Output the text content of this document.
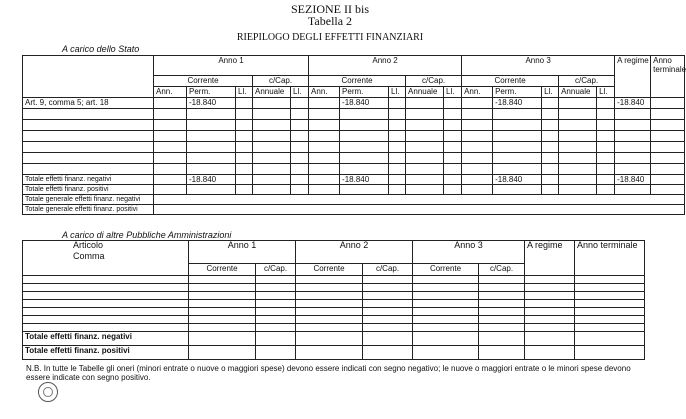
SEZIONE II bis
Tabella 2
RIEPILOGO DEGLI EFFETTI FINANZIARI
A carico dello Stato
	Anno 1					Anno 2					Anno 3					A regime	Anno terminale
	Corrente			c/Cap.		Corrente			c/Cap.		Corrente			c/Cap.			
	Ann.	Perm.	Ll.	Annuale	Ll.	Ann.	Perm.	Ll.	Annuale	Ll.	Ann.	Perm.	Ll.	Annuale	Ll.		
Art. 9, comma 5; art. 18		-18.840					-18.840					-18.840				-18.840	

Totale effetti finanz. negativi		-18.840					-18.840					-18.840				-18.840	
Totale effetti finanz. positivi																	
Totale generale effetti finanz. negativi																	
Totale generale effetti finanz. positivi																	
A carico di altre Pubbliche Amministrazioni
Articolo
Comma	Anno 1		Anno 2		Anno 3		A regime	Anno terminale
	Corrente	c/Cap.	Corrente	c/Cap.	Corrente	c/Cap.		

Totale effetti finanz. negativi								
Totale effetti finanz. positivi								
N.B. In tutte le Tabelle gli oneri (minori entrate o nuove o maggiori spese) devono essere indicati con segno negativo; le nuove o maggiori entrate o le minori spese devono essere indicate con segno positivo.
